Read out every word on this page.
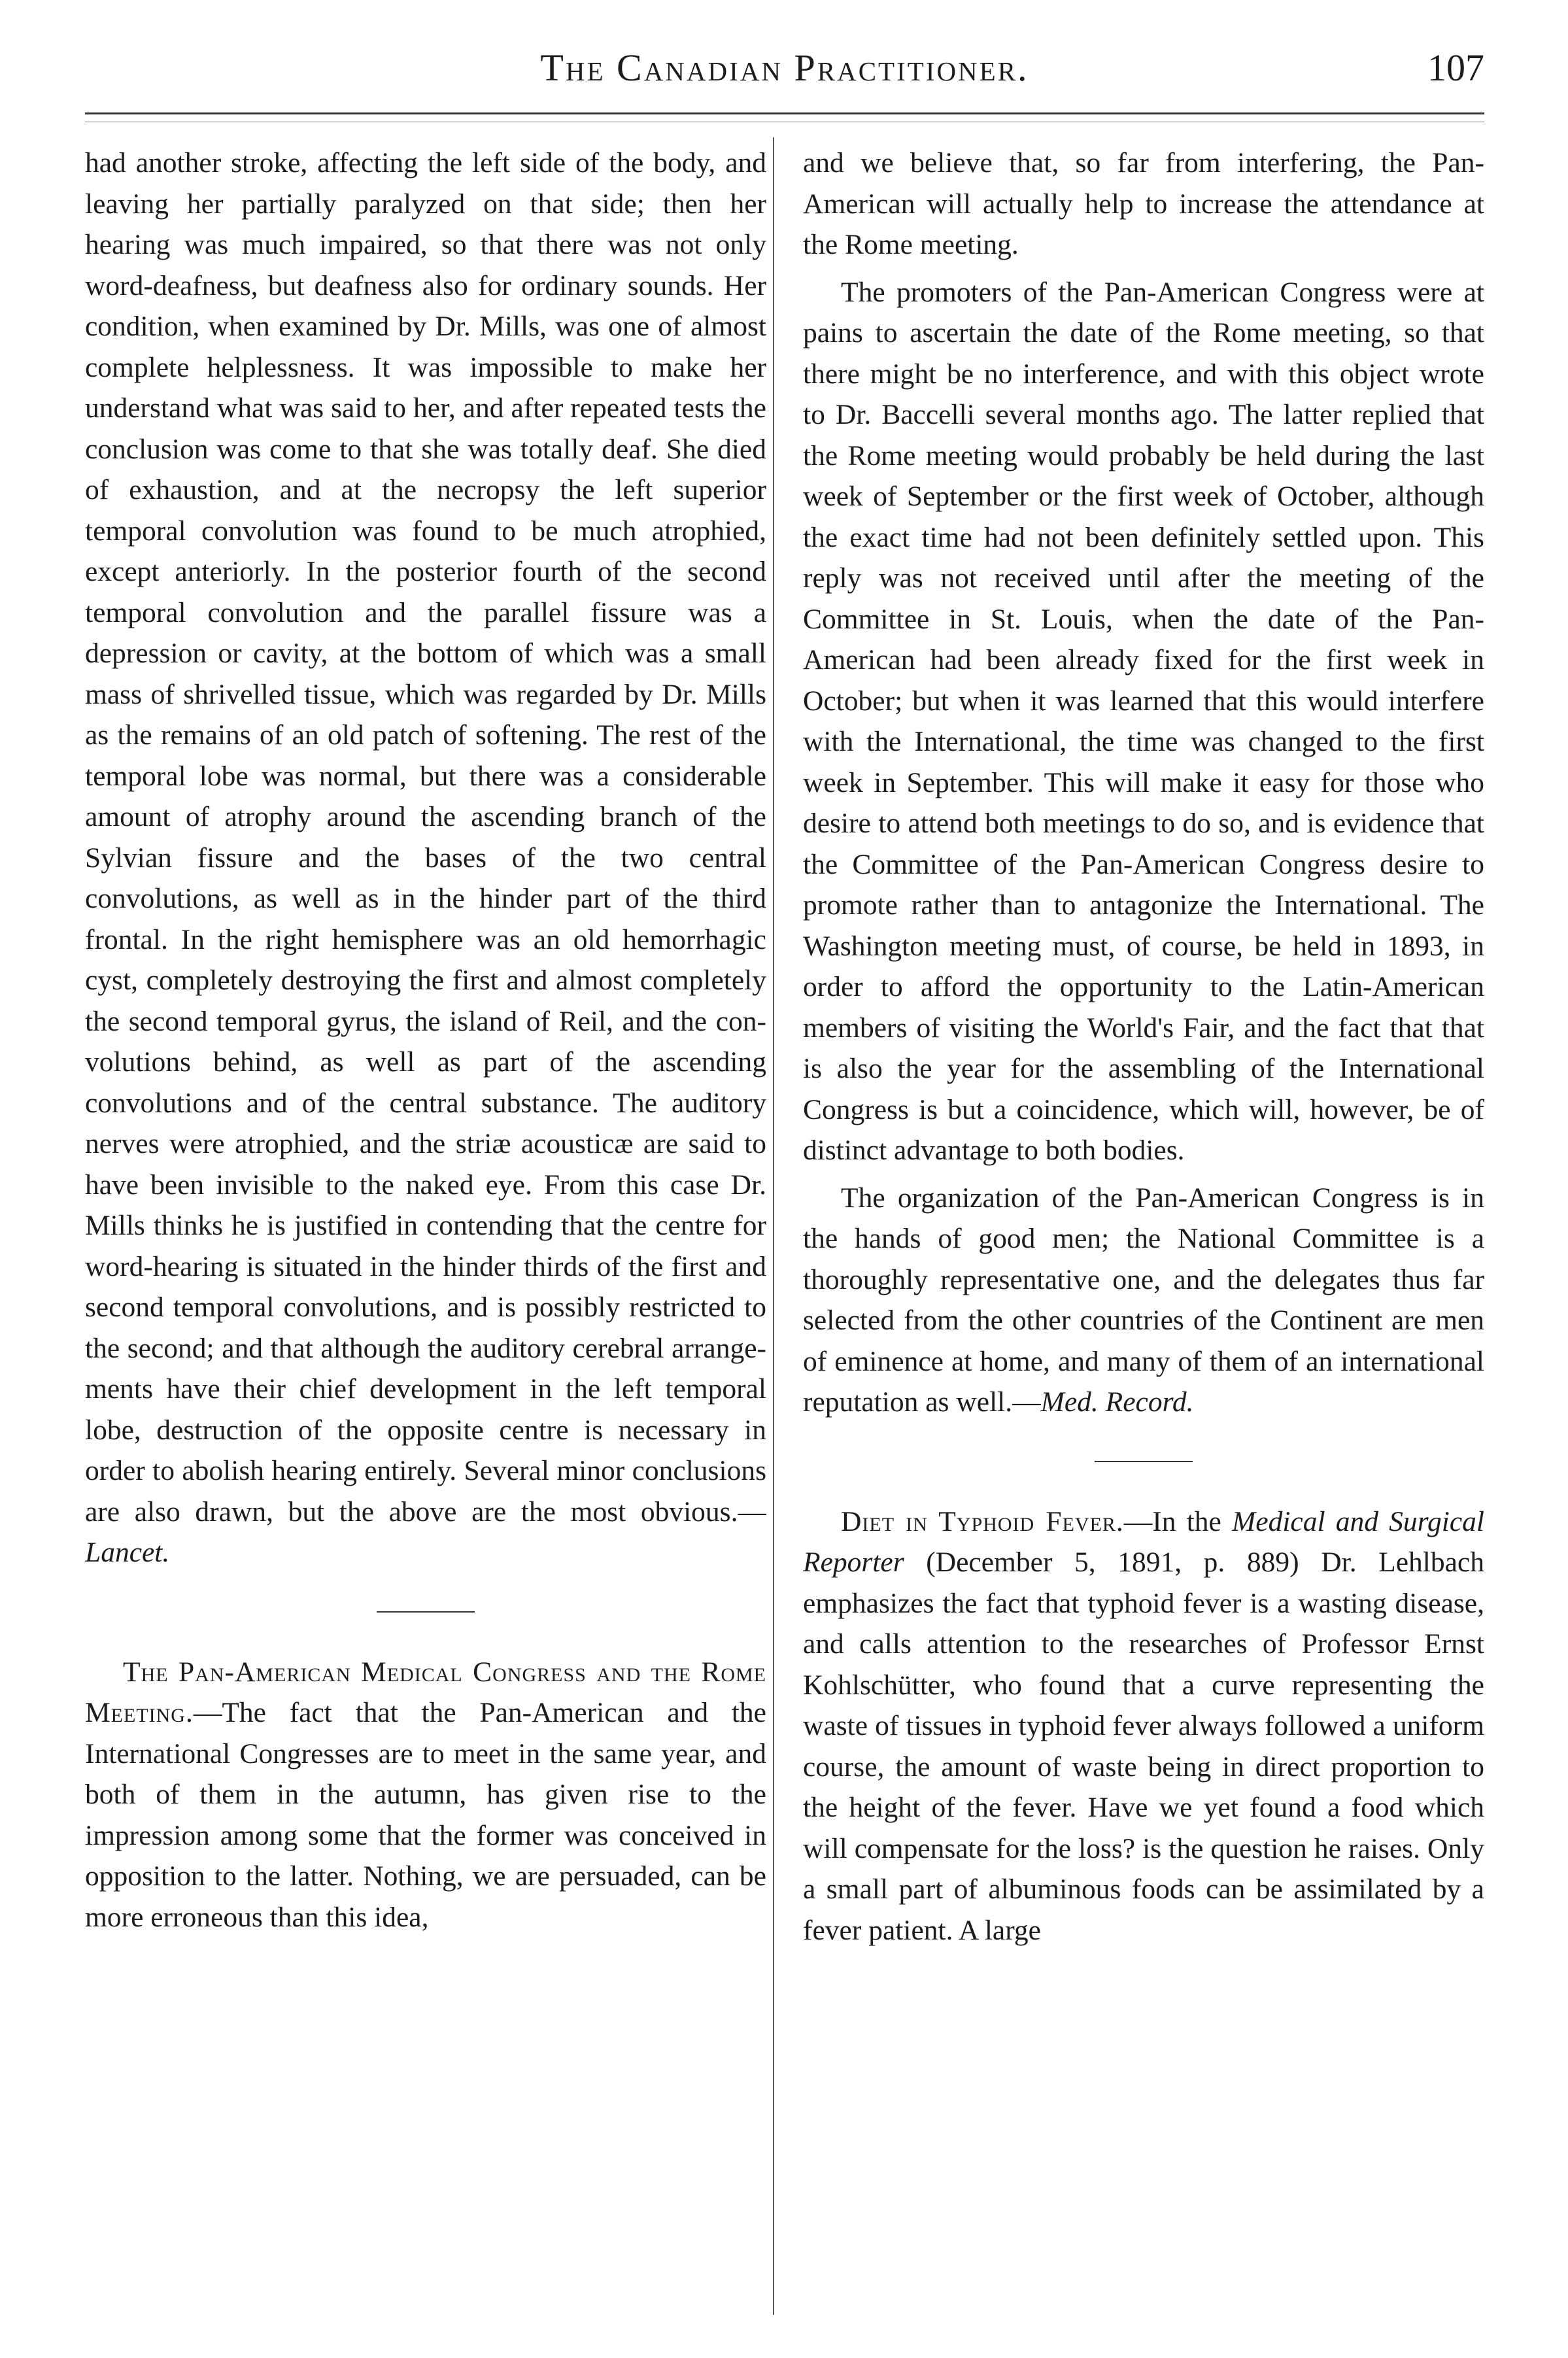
The Canadian Practitioner.	107

had another stroke, affecting the left side of the body, and leaving her partially paralyzed on that side; then her hearing was much impaired, so that there was not only word-deafness, but deafness also for ordinary sounds. Her condition, when examined by Dr. Mills, was one of almost complete helplessness. It was impossible to make her understand what was said to her, and after repeated tests the conclusion was come to that she was totally deaf. She died of exhaustion, and at the necropsy the left superior temporal convolution was found to be much atrophied, except anteriorly. In the posterior fourth of the second temporal convolution and the parallel fissure was a depression or cavity, at the bottom of which was a small mass of shrivelled tissue, which was regarded by Dr. Mills as the remains of an old patch of softening. The rest of the temporal lobe was normal, but there was a considerable amount of atrophy around the ascending branch of the Sylvian fissure and the bases of the two central convolutions, as well as in the hinder part of the third frontal. In the right hemisphere was an old hemorrhagic cyst, completely destroying the first and almost completely the second temporal gyrus, the island of Reil, and the convolutions behind, as well as part of the ascending convolutions and of the central substance. The auditory nerves were atrophied, and the striæ acousticæ are said to have been invisible to the naked eye. From this case Dr. Mills thinks he is justified in contending that the centre for word-hearing is situated in the hinder thirds of the first and second temporal convolutions, and is possibly restricted to the second; and that although the auditory cerebral arrangements have their chief development in the left temporal lobe, destruction of the opposite centre is necessary in order to abolish hearing entirely. Several minor conclusions are also drawn, but the above are the most obvious.—Lancet.

The Pan-American Medical Congress and the Rome Meeting.—The fact that the Pan-American and the International Congresses are to meet in the same year, and both of them in the autumn, has given rise to the impression among some that the former was conceived in opposition to the latter. Nothing, we are persuaded, can be more erroneous than this idea,

and we believe that, so far from interfering, the Pan-American will actually help to increase the attendance at the Rome meeting.

The promoters of the Pan-American Congress were at pains to ascertain the date of the Rome meeting, so that there might be no interference, and with this object wrote to Dr. Baccelli several months ago. The latter replied that the Rome meeting would probably be held during the last week of September or the first week of October, although the exact time had not been definitely settled upon. This reply was not received until after the meeting of the Committee in St. Louis, when the date of the Pan-American had been already fixed for the first week in October; but when it was learned that this would interfere with the International, the time was changed to the first week in September. This will make it easy for those who desire to attend both meetings to do so, and is evidence that the Committee of the Pan-American Congress desire to promote rather than to antagonize the International. The Washington meeting must, of course, be held in 1893, in order to afford the opportunity to the Latin-American members of visiting the World's Fair, and the fact that that is also the year for the assembling of the International Congress is but a coincidence, which will, however, be of distinct advantage to both bodies.

The organization of the Pan-American Congress is in the hands of good men; the National Committee is a thoroughly representative one, and the delegates thus far selected from the other countries of the Continent are men of eminence at home, and many of them of an international reputation as well.—Med. Record.

Diet in Typhoid Fever.—In the Medical and Surgical Reporter (December 5, 1891, p. 889) Dr. Lehlbach emphasizes the fact that typhoid fever is a wasting disease, and calls attention to the researches of Professor Ernst Kohlschütter, who found that a curve representing the waste of tissues in typhoid fever always followed a uniform course, the amount of waste being in direct proportion to the height of the fever. Have we yet found a food which will compensate for the loss? is the question he raises. Only a small part of albuminous foods can be assimilated by a fever patient. A large
